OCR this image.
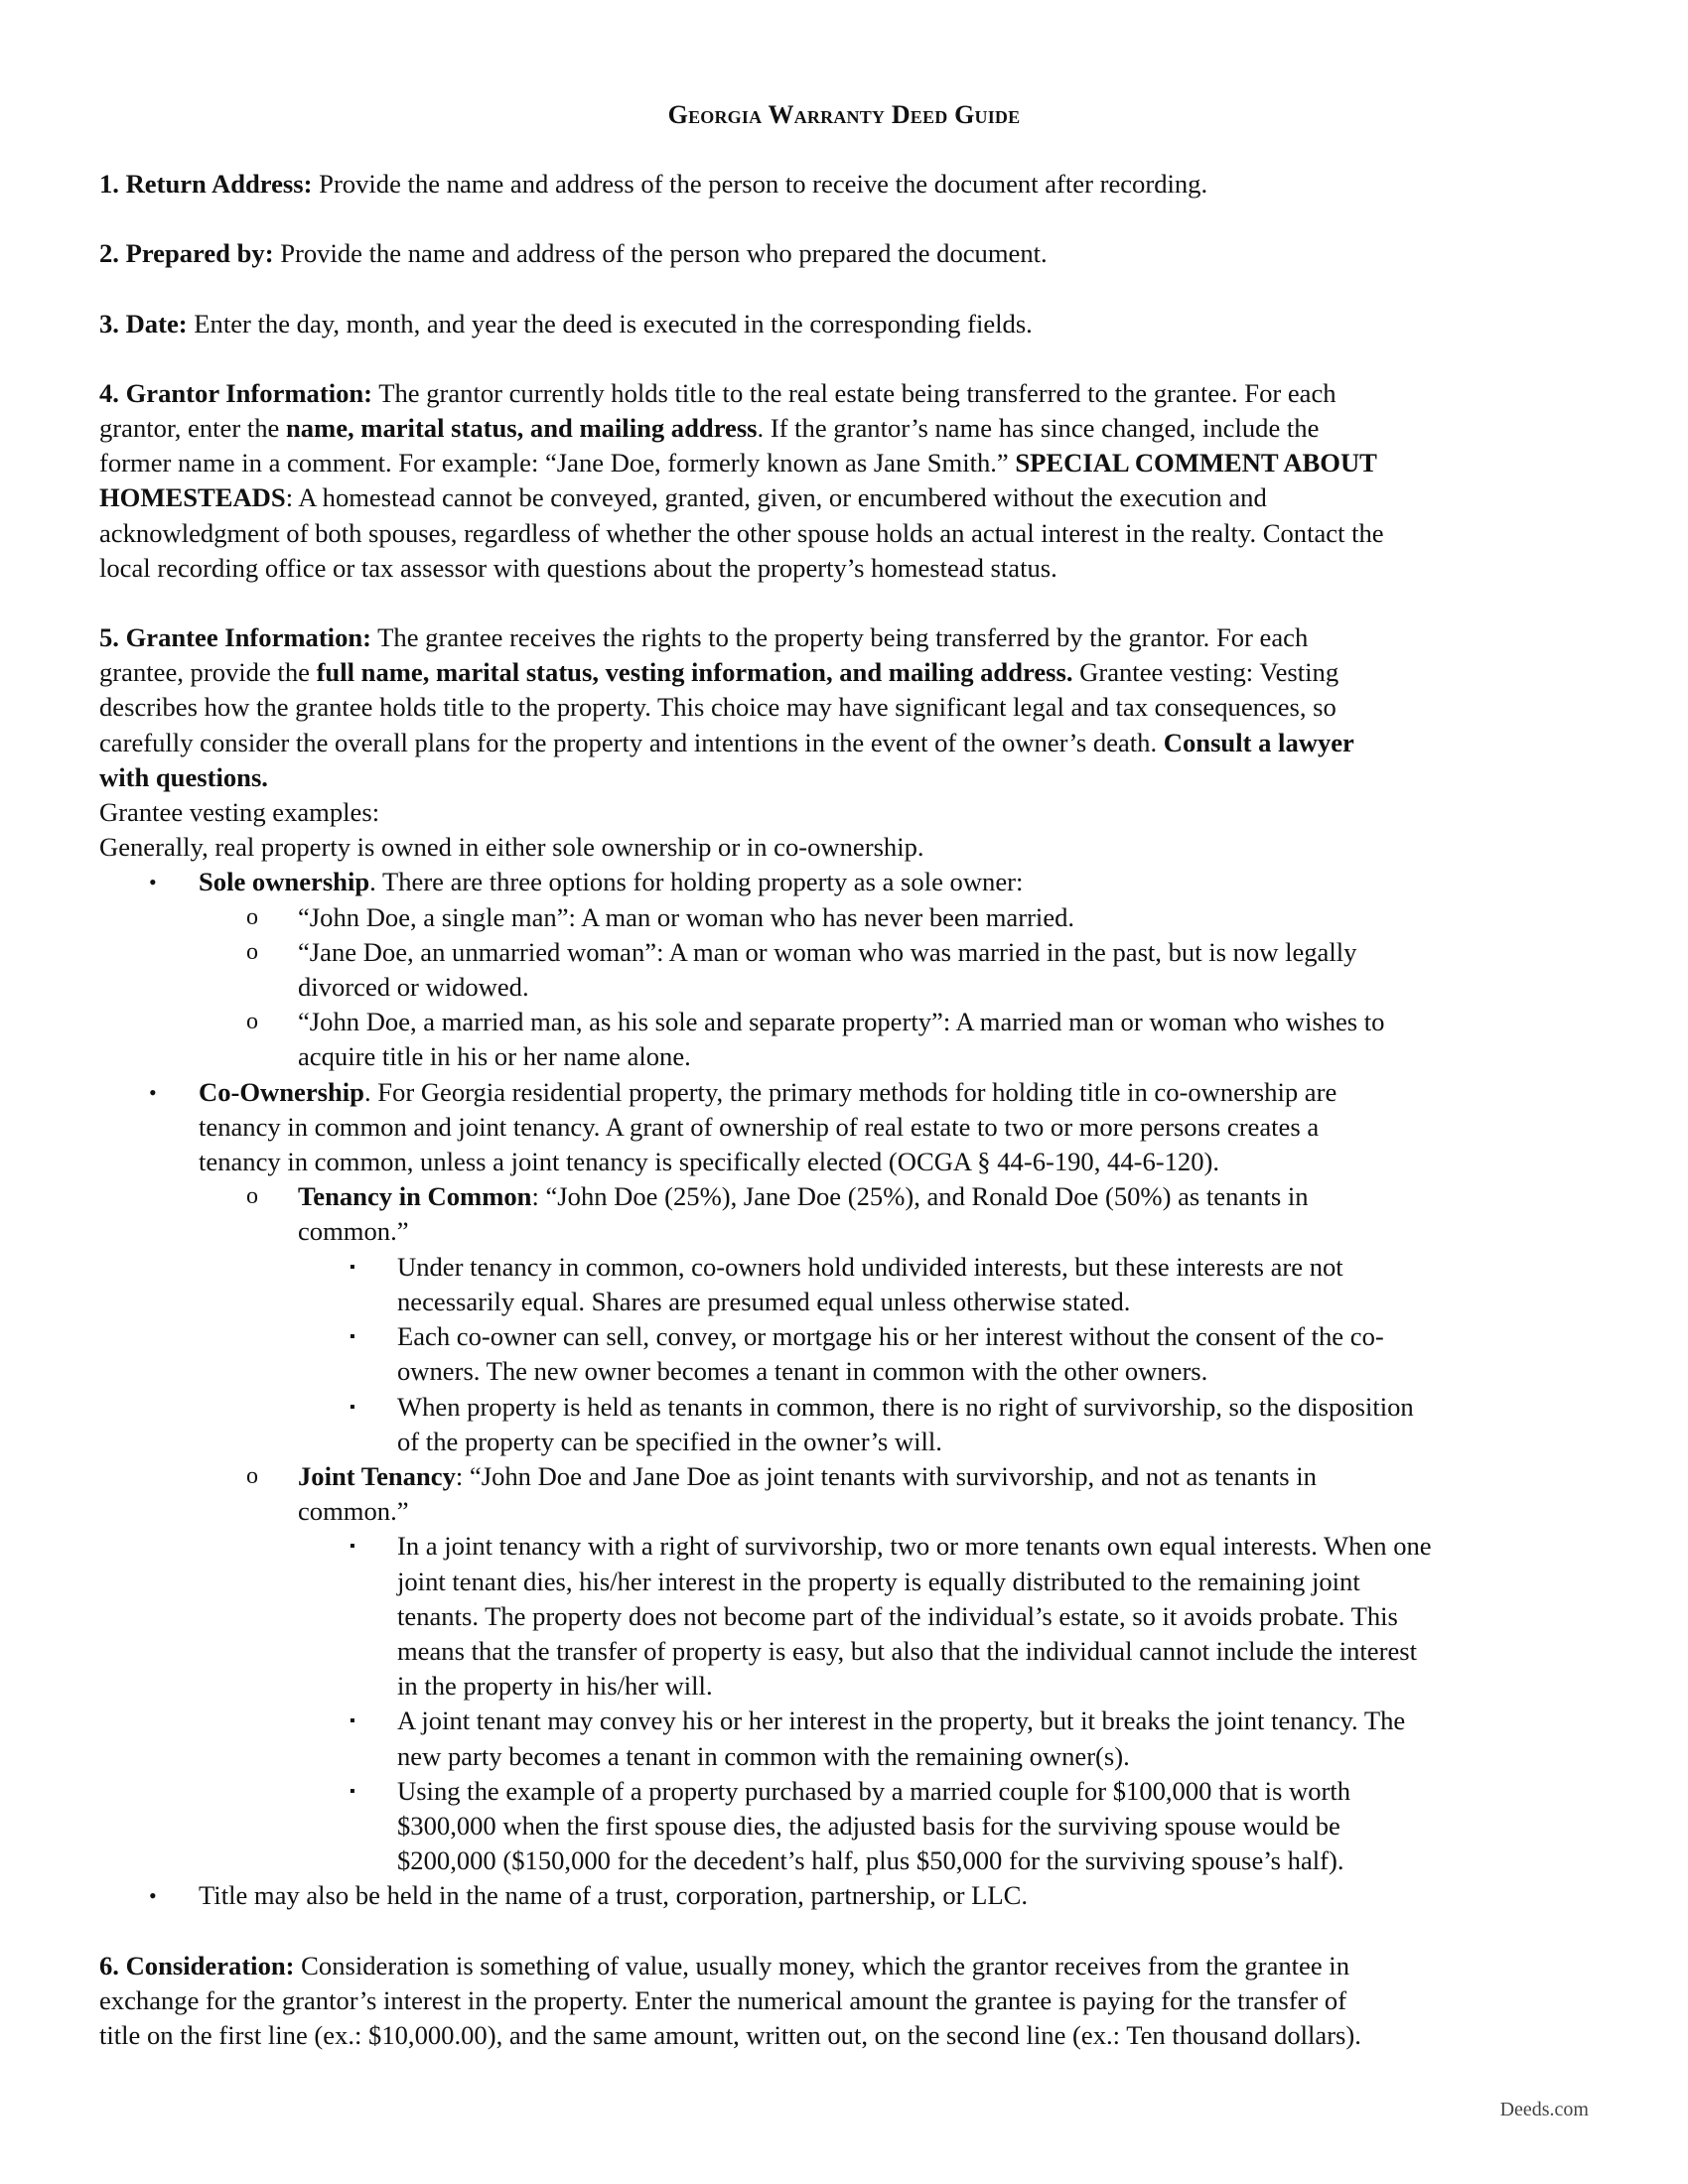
Georgia Warranty Deed Guide

1. Return Address: Provide the name and address of the person to receive the document after recording.

2. Prepared by: Provide the name and address of the person who prepared the document.

3. Date: Enter the day, month, and year the deed is executed in the corresponding fields.

4. Grantor Information: The grantor currently holds title to the real estate being transferred to the grantee. For each

grantor, enter the name, marital status, and mailing address. If the grantor’s name has since changed, include the

former name in a comment. For example: “Jane Doe, formerly known as Jane Smith.” SPECIAL COMMENT ABOUT

HOMESTEADS: A homestead cannot be conveyed, granted, given, or encumbered without the execution and

acknowledgment of both spouses, regardless of whether the other spouse holds an actual interest in the realty. Contact the

local recording office or tax assessor with questions about the property’s homestead status.

5. Grantee Information: The grantee receives the rights to the property being transferred by the grantor. For each

grantee, provide the full name, marital status, vesting information, and mailing address. Grantee vesting: Vesting

describes how the grantee holds title to the property. This choice may have significant legal and tax consequences, so

carefully consider the overall plans for the property and intentions in the event of the owner’s death. Consult a lawyer

with questions.

Grantee vesting examples:

Generally, real property is owned in either sole ownership or in co-ownership.

• Sole ownership. There are three options for holding property as a sole owner:
o “John Doe, a single man”: A man or woman who has never been married.
o “Jane Doe, an unmarried woman”: A man or woman who was married in the past, but is now legally
divorced or widowed.
o “John Doe, a married man, as his sole and separate property”: A married man or woman who wishes to
acquire title in his or her name alone.
• Co-Ownership. For Georgia residential property, the primary methods for holding title in co-ownership are
tenancy in common and joint tenancy. A grant of ownership of real estate to two or more persons creates a
tenancy in common, unless a joint tenancy is specifically elected (OCGA § 44-6-190, 44-6-120).
o Tenancy in Common: “John Doe (25%), Jane Doe (25%), and Ronald Doe (50%) as tenants in
common.”
▪ Under tenancy in common, co-owners hold undivided interests, but these interests are not
necessarily equal. Shares are presumed equal unless otherwise stated.
▪ Each co-owner can sell, convey, or mortgage his or her interest without the consent of the co-
owners. The new owner becomes a tenant in common with the other owners.
▪ When property is held as tenants in common, there is no right of survivorship, so the disposition
of the property can be specified in the owner’s will.
o Joint Tenancy: “John Doe and Jane Doe as joint tenants with survivorship, and not as tenants in
common.”
▪ In a joint tenancy with a right of survivorship, two or more tenants own equal interests. When one
joint tenant dies, his/her interest in the property is equally distributed to the remaining joint
tenants. The property does not become part of the individual’s estate, so it avoids probate. This
means that the transfer of property is easy, but also that the individual cannot include the interest
in the property in his/her will.
▪ A joint tenant may convey his or her interest in the property, but it breaks the joint tenancy. The
new party becomes a tenant in common with the remaining owner(s).
▪ Using the example of a property purchased by a married couple for $100,000 that is worth
$300,000 when the first spouse dies, the adjusted basis for the surviving spouse would be
$200,000 ($150,000 for the decedent’s half, plus $50,000 for the surviving spouse’s half).
• Title may also be held in the name of a trust, corporation, partnership, or LLC.

6. Consideration: Consideration is something of value, usually money, which the grantor receives from the grantee in

exchange for the grantor’s interest in the property. Enter the numerical amount the grantee is paying for the transfer of

title on the first line (ex.: $10,000.00), and the same amount, written out, on the second line (ex.: Ten thousand dollars).

Deeds.com
